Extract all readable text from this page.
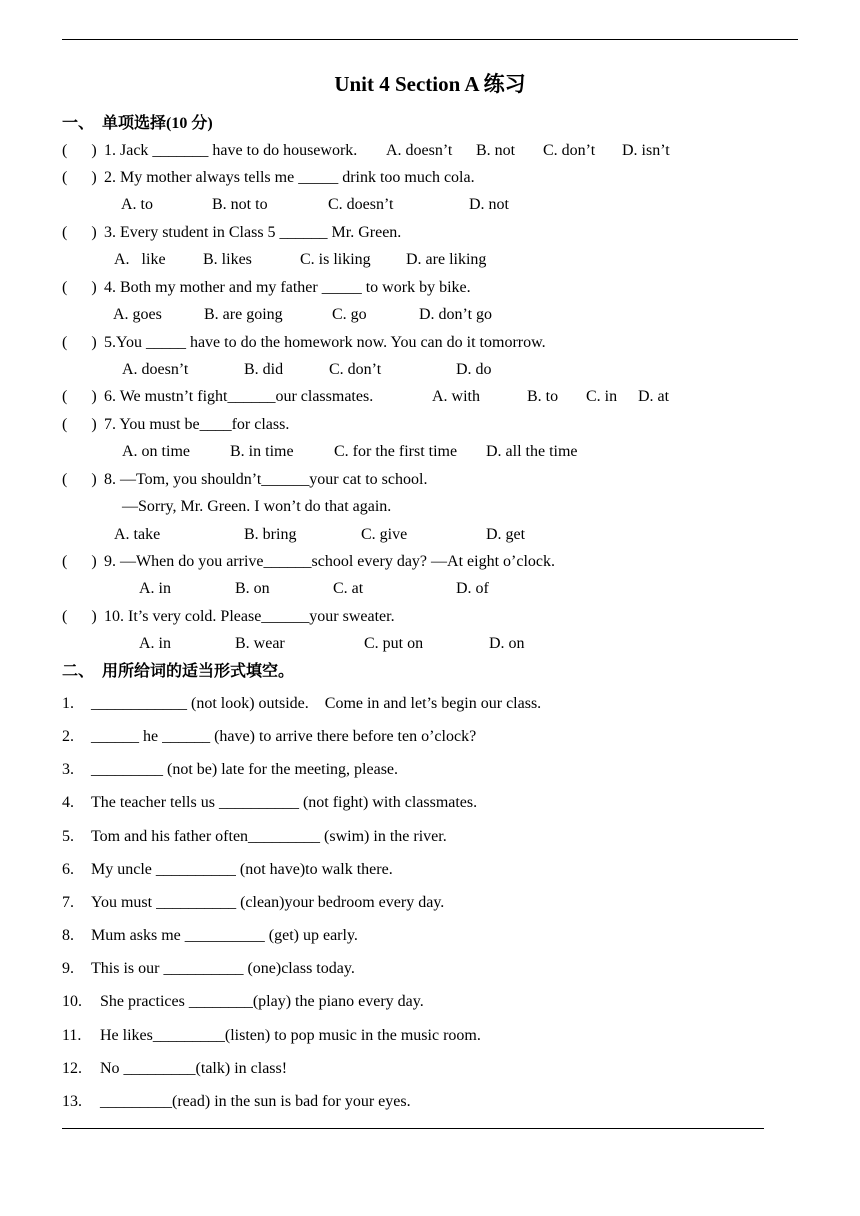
Unit 4 Section A 练习
一、  单项选择(10 分)
(      ) 1. Jack _______ have to do housework. A. doesn’t B. not C. don’t D. isn’t
(      ) 2. My mother always tells me _____ drink too much cola.
A. to	B. not to	C. doesn’t	D. not
(      ) 3. Every student in Class 5 ______ Mr. Green.
A.   like B. likes	C. is liking D. are liking
(      ) 4. Both my mother and my father _____ to work by bike.
A. goes	B. are going	C. go	D. don’t go
(      ) 5.You _____ have to do the homework now. You can do it tomorrow.
A. doesn’t	B. did	C. don’t	D. do
(      ) 6. We mustn’t fight______our classmates.	A. with	B. to C. in D. at
(      ) 7. You must be____for class.
A. on time	B. in time	C. for the first time D. all the time
(      ) 8. —Tom, you shouldn’t______your cat to school.
—Sorry, Mr. Green. I won’t do that again.
A. take	B. bring	C. give	D. get
(      ) 9. —When do you arrive______school every day? —At eight o’clock.
A. in	B. on	C. at	D. of
(      ) 10. It’s very cold. Please______your sweater.
A. in	B. wear	C. put on	D. on
二、  用所给词的适当形式填空。
1. ____________ (not look) outside.    Come in and let’s begin our class.
2. ______ he ______ (have) to arrive there before ten o’clock?
3. _________ (not be) late for the meeting, please.
4. The teacher tells us __________ (not fight) with classmates.
5. Tom and his father often_________ (swim) in the river.
6. My uncle __________ (not have)to walk there.
7. You must __________ (clean)your bedroom every day.
8. Mum asks me __________ (get) up early.
9. This is our __________ (one)class today.
10. She practices ________(play) the piano every day.
11. He likes_________(listen) to pop music in the music room.
12. No _________(talk) in class!
13. _________(read) in the sun is bad for your eyes.
